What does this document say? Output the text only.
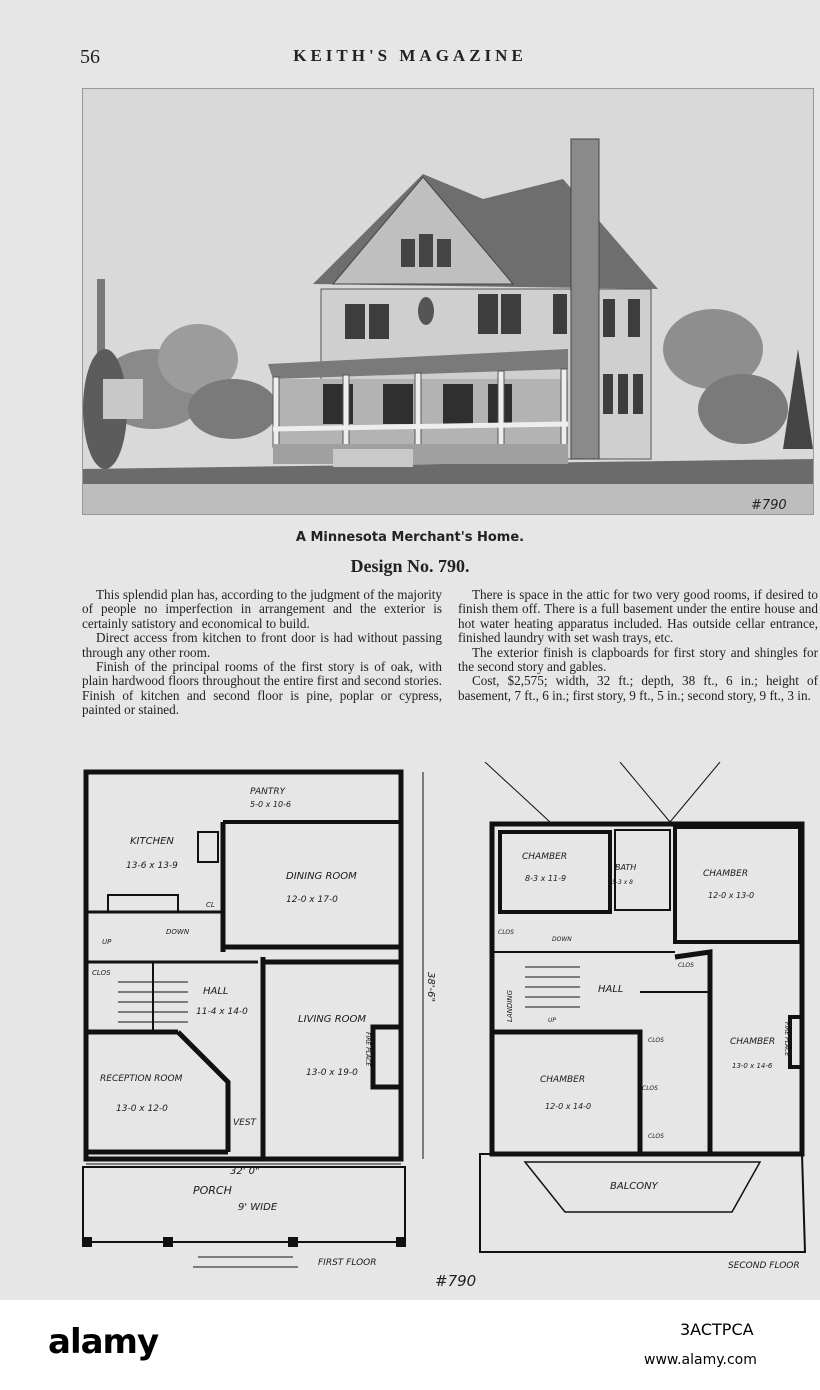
56	KEITH'S MAGAZINE
#790
A Minnesota Merchant's Home.
Design No. 790.

This splendid plan has, according to the judgment of the majority of people no imperfection in arrangement and the exterior is certainly satistory and economical to build.

Direct access from kitchen to front door is had without passing through any other room.

Finish of the principal rooms of the first story is of oak, with plain hardwood floors throughout the entire first and second stories. Finish of kitchen and second floor is pine, poplar or cypress, painted or stained.

There is space in the attic for two very good rooms, if desired to finish them off. There is a full basement under the entire house and hot water heating apparatus included. Has outside cellar entrance, finished laundry with set wash trays, etc.

The exterior finish is clapboards for first story and shingles for the second story and gables.

Cost, $2,575; width, 32 ft.; depth, 38 ft., 6 in.; height of basement, 7 ft., 6 in.; first story, 9 ft., 5 in.; second story, 9 ft., 3 in.

KITCHEN
13-6 x 13-9
PANTRY
5-0 x 10-6
DINING ROOM
12-0 x 17-0
HALL
11-4 x 14-0
LIVING ROOM
13-0 x 19-0
RECEPTION ROOM
13-0 x 12-0
VEST
PORCH
9' WIDE
32' 0"
38'-6"
FIRE PLACE
CLOS
CL
UP
DOWN
FIRST FLOOR
CHAMBER
8-3 x 11-9
BATH
5-3 x 8
CHAMBER
12-0 x 13-0
HALL
LANDING
CHAMBER
13-0 x 14-6
CHAMBER
12-0 x 14-0
BALCONY
FIRE PLACE
CLOS
CLOS
CLOS
CLOS
CLOS
DOWN
UP
SECOND FLOOR
#790
alamy	3ACTPCA
www.alamy.com
